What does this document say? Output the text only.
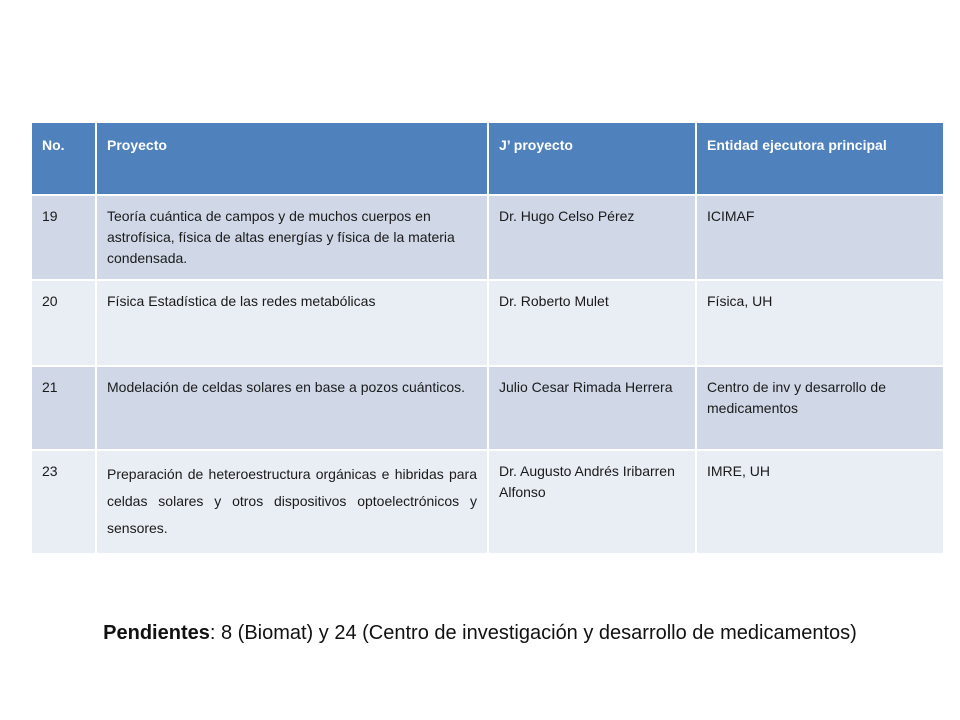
No.	Proyecto	J’ proyecto	Entidad ejecutora principal
19	Teoría cuántica de campos y de muchos cuerpos en astrofísica, física de altas energías y física de la materia condensada.	Dr. Hugo Celso Pérez	ICIMAF
20	Física Estadística de las redes metabólicas	Dr. Roberto Mulet	Física, UH
21	Modelación de celdas solares en base a pozos cuánticos.	Julio Cesar Rimada Herrera	Centro de inv y desarrollo de medicamentos
23	Preparación de heteroestructura orgánicas e hibridas para celdas solares y otros dispositivos optoelectrónicos y sensores.	Dr. Augusto Andrés Iribarren Alfonso	IMRE, UH
Pendientes: 8 (Biomat) y 24 (Centro de investigación y desarrollo de medicamentos)
